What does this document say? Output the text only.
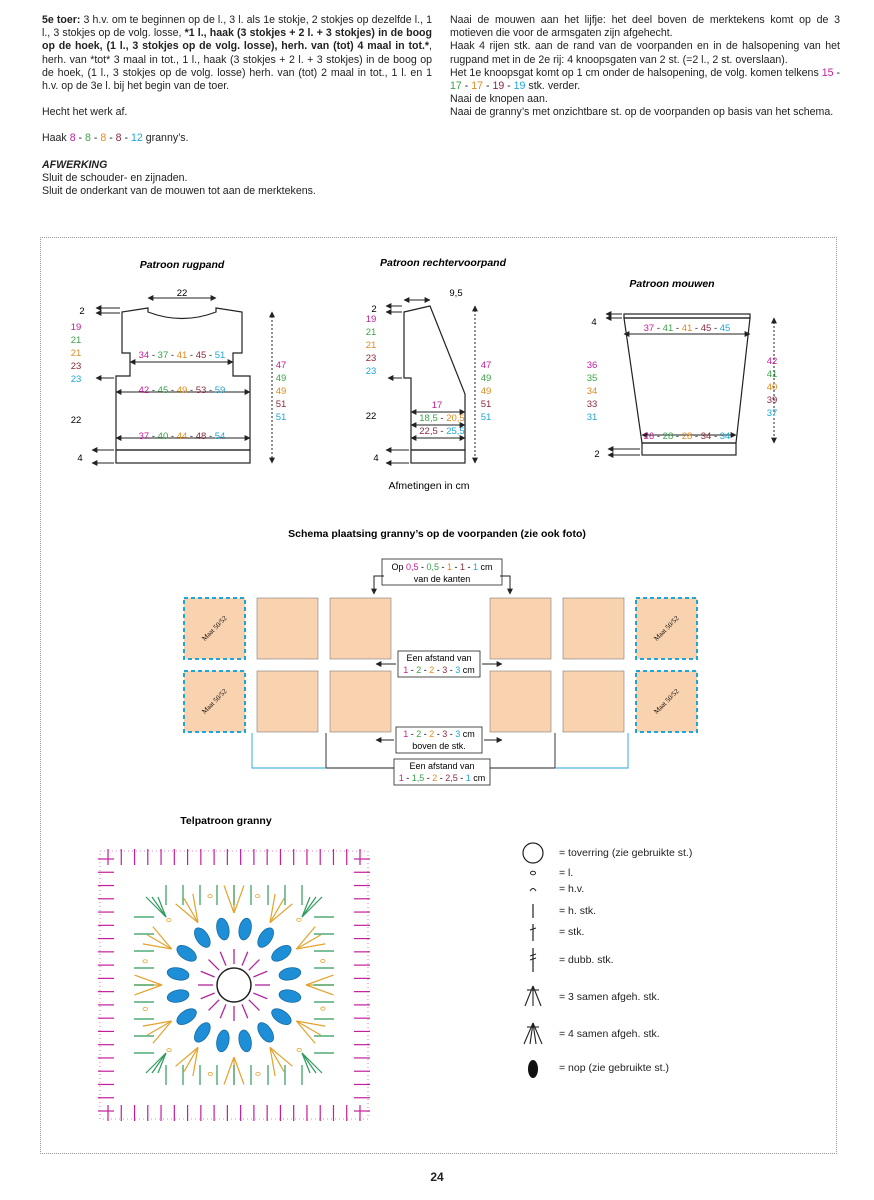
5e toer: 3 h.v. om te beginnen op de l., 3 l. als 1e stokje, 2 stokjes op dezelfde l., 1 l., 3 stokjes op de volg. losse, *1 l., haak (3 stokjes + 2 l. + 3 stokjes) in de boog op de hoek, (1 l., 3 stokjes op de volg. losse), herh. van (tot) 4 maal in tot.*, herh. van *tot* 3 maal in tot., 1 l., haak (3 stokjes + 2 l. + 3 stokjes) in de boog op de hoek, (1 l., 3 stokjes op de volg. losse) herh. van (tot) 2 maal in tot., 1 l. en 1 h.v. op de 3e l. bij het begin van de toer.

Hecht het werk af.

Haak 8 - 8 - 8 - 8 - 12 granny’s.

AFWERKING

Sluit de schouder- en zijnaden.

Sluit de onderkant van de mouwen tot aan de merktekens.

Naai de mouwen aan het lijfje: het deel boven de merktekens komt op de 3 motieven die voor de armsgaten zijn afgehecht.

Haak 4 rijen stk. aan de rand van de voorpanden en in de halsopening van het rugpand met in de 2e rij: 4 knoopsgaten van 2 st. (=2 l., 2 st. overslaan).

Het 1e knoopsgat komt op 1 cm onder de halsopening, de volg. komen telkens 15 - 17 - 17 - 19 - 19 stk. verder.

Naai de knopen aan.

Naai de granny’s met onzichtbare st. op de voorpanden op basis van het schema.

Patroon rugpand
22
2
19
21
21
23
23
22
4
34 - 37 - 41 - 45 - 51
42 - 45 - 49 - 53 - 59
37 - 40 - 44 - 48 - 54
47
49
49
51
51
Patroon rechtervoorpand
9,5
2
19
21
21
23
23
22
4
17
18,5 - 20,5
22,5 - 25,5
47
49
49
51
51
Patroon mouwen
4
37 - 41 - 41 - 45 - 45
36
35
34
33
31
42
41
40
39
37
26 - 28 - 28 - 34 - 34
2
Afmetingen in cm
Schema plaatsing granny’s op de voorpanden (zie ook foto)
Op 0,5 - 0,5 - 1 - 1 - 1 cm
van de kanten
Maat 50/52	Maat 50/52
Maat 50/52	Maat 50/52
Een afstand van
1 - 2 - 2 - 3 - 3 cm
1 - 2 - 2 - 3 - 3 cm
boven de stk.
Een afstand van
1 - 1,5 - 2 - 2,5 - 1 cm
Telpatroon granny
= toverring (zie gebruikte st.)
= l.
= h.v.
= h. stk.
= stk.
= dubb. stk.
= 3 samen afgeh. stk.
= 4 samen afgeh. stk.
= nop (zie gebruikte st.)
24
